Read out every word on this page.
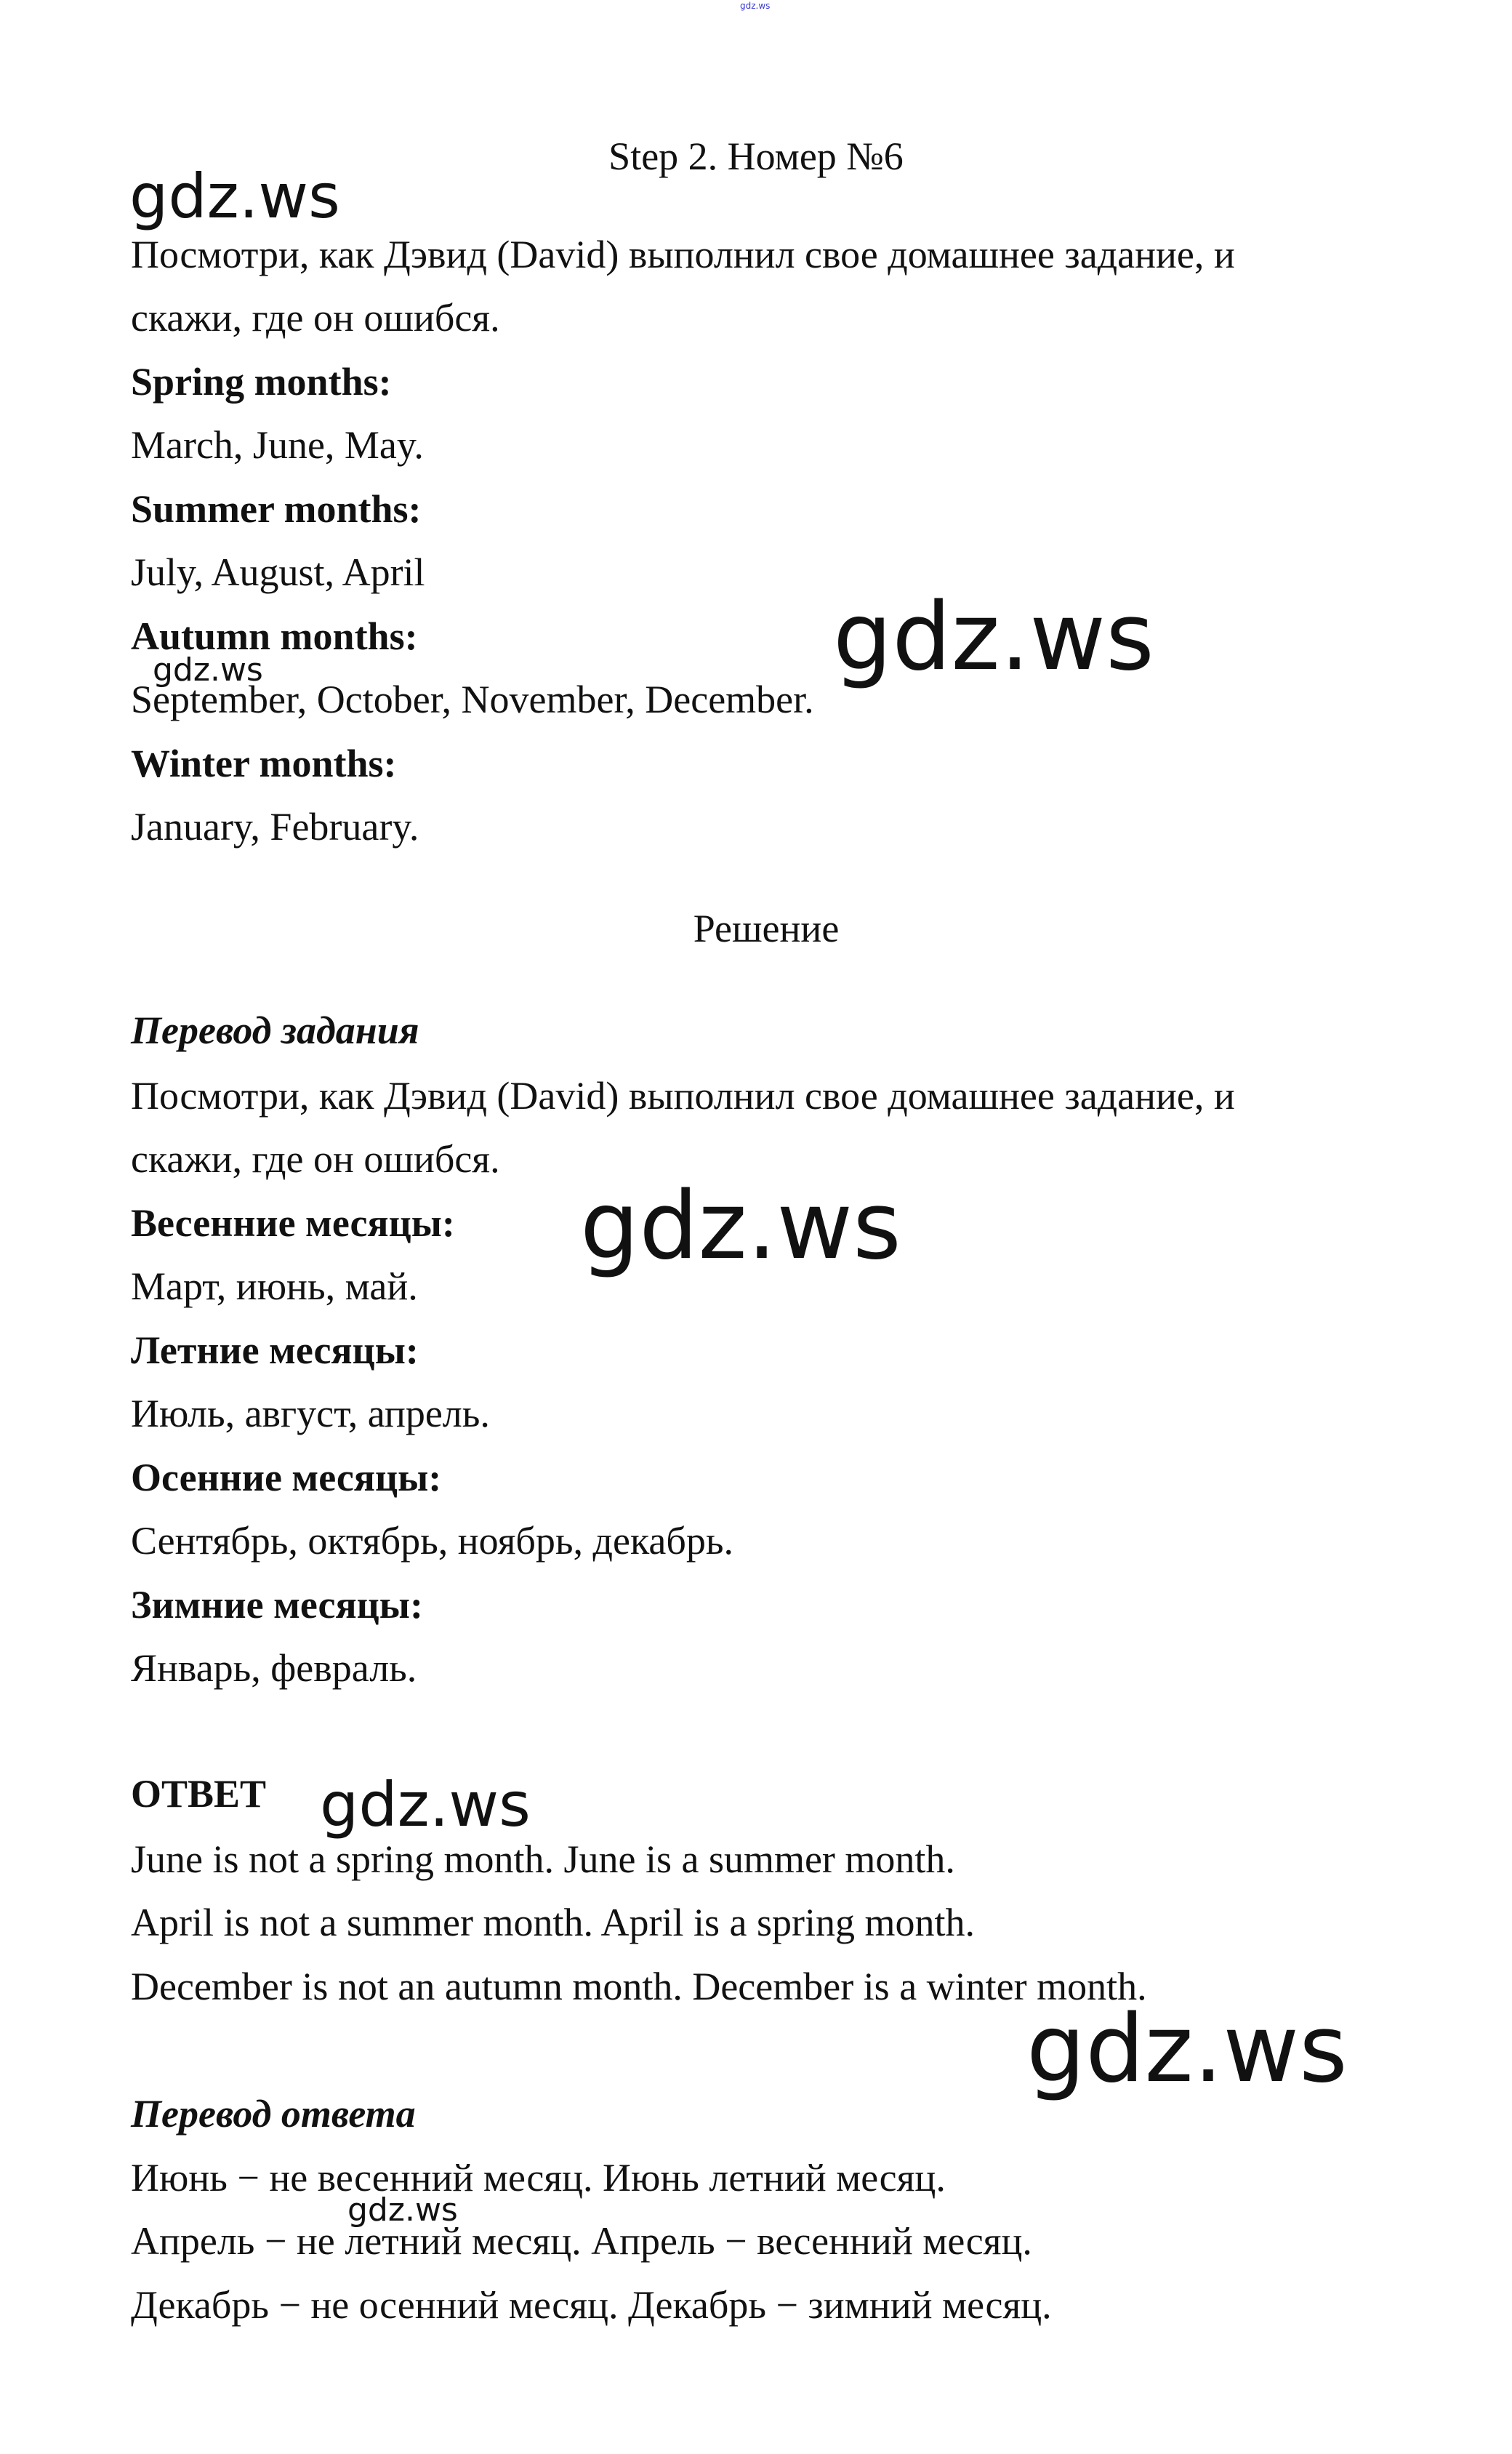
gdz.ws

gdz.ws

gdz.ws

gdz.ws

gdz.ws

gdz.ws

gdz.ws

gdz.ws

Step 2. Номер №6

Посмотри, как Дэвид (David) выполнил свое домашнее задание, и

скажи, где он ошибся.

Spring months:

March, June, May.

Summer months:

July, August, April

Autumn months:

September, October, November, December.

Winter months:

January, February.

Решение

Перевод задания

Посмотри, как Дэвид (David) выполнил свое домашнее задание, и

скажи, где он ошибся.

Весенние месяцы:

Март, июнь, май.

Летние месяцы:

Июль, август, апрель.

Осенние месяцы:

Сентябрь, октябрь, ноябрь, декабрь.

Зимние месяцы:

Январь, февраль.

ОТВЕТ

June is not a spring month. June is a summer month.

April is not a summer month. April is a spring month.

December is not an autumn month. December is a winter month.

Перевод ответа

Июнь − не весенний месяц. Июнь летний месяц.

Апрель − не летний месяц. Апрель − весенний месяц.

Декабрь − не осенний месяц. Декабрь − зимний месяц.
